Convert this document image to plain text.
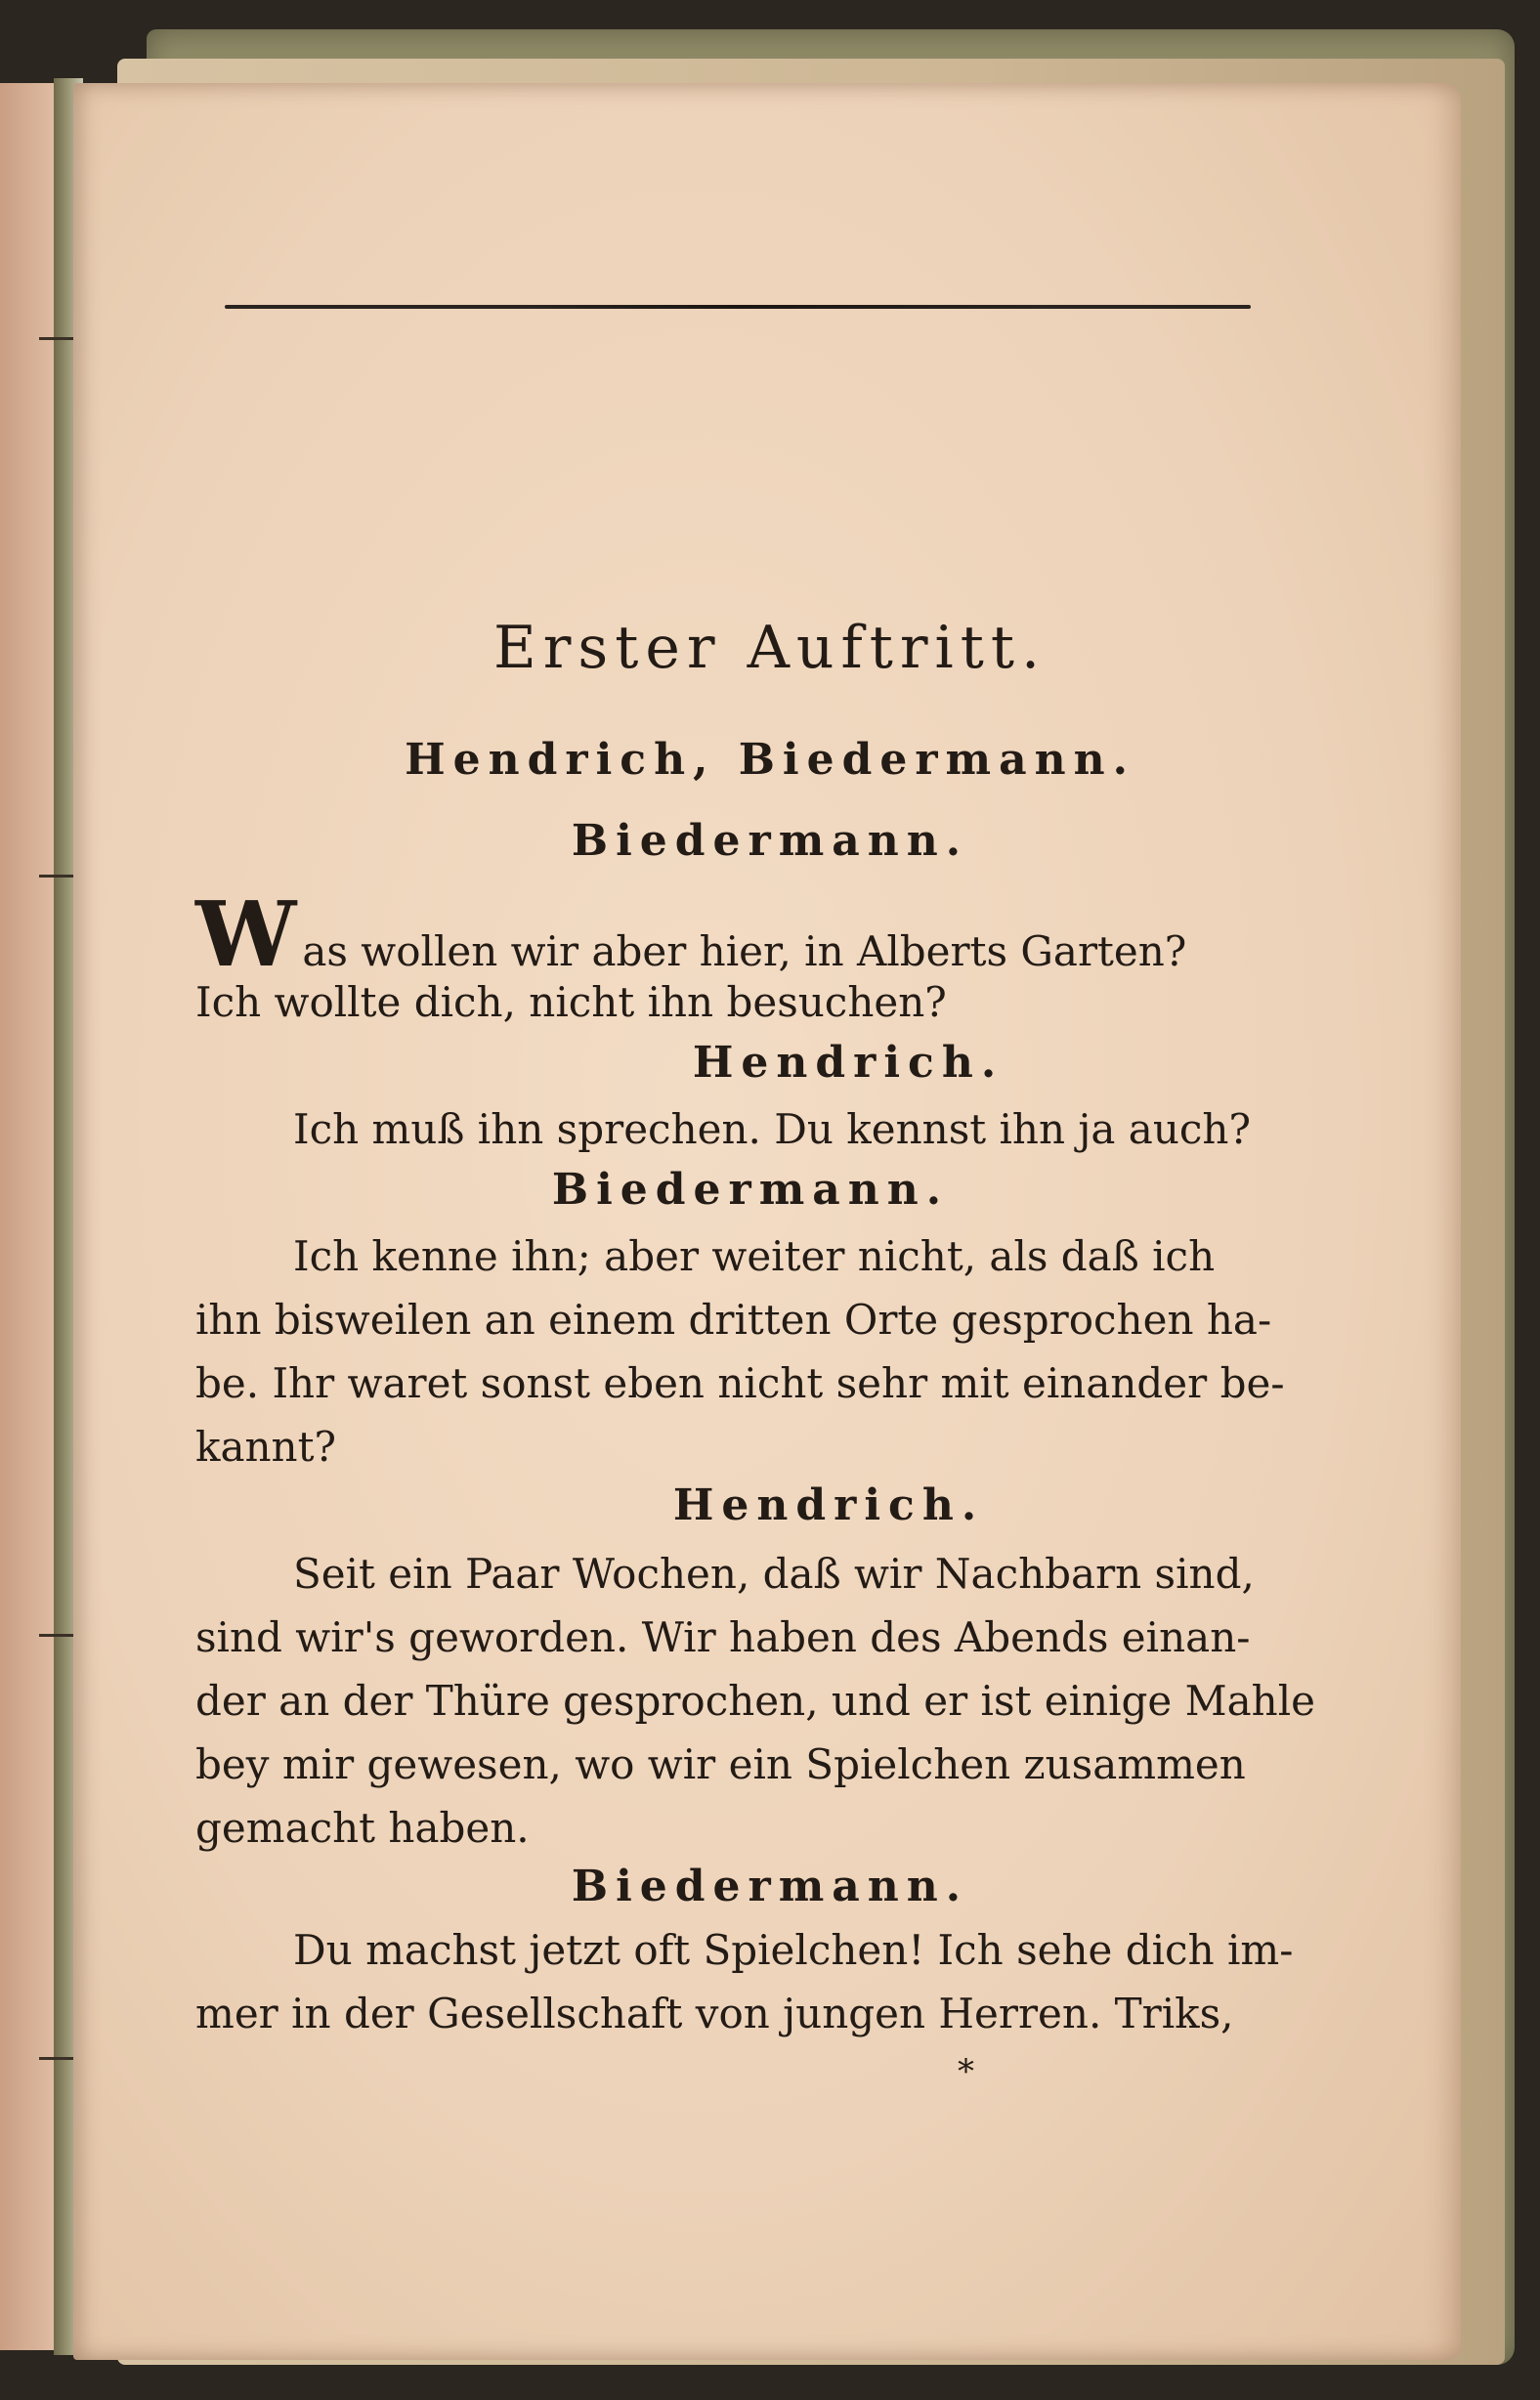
Erster Auftritt.
Hendrich, Biedermann.
Biedermann.
Was wollen wir aber hier, in Alberts Garten?
Ich wollte dich, nicht ihn besuchen?
Hendrich.
Ich muß ihn sprechen. Du kennst ihn ja auch?
Biedermann.
Ich kenne ihn; aber weiter nicht, als daß ich
ihn bisweilen an einem dritten Orte gesprochen ha-
be. Ihr waret sonst eben nicht sehr mit einander be-
kannt?
Hendrich.
Seit ein Paar Wochen, daß wir Nachbarn sind,
sind wir's geworden. Wir haben des Abends einan-
der an der Thüre gesprochen, und er ist einige Mahle
bey mir gewesen, wo wir ein Spielchen zusammen
gemacht haben.
Biedermann.
Du machst jetzt oft Spielchen! Ich sehe dich im-
mer in der Gesellschaft von jungen Herren. Triks,
*
